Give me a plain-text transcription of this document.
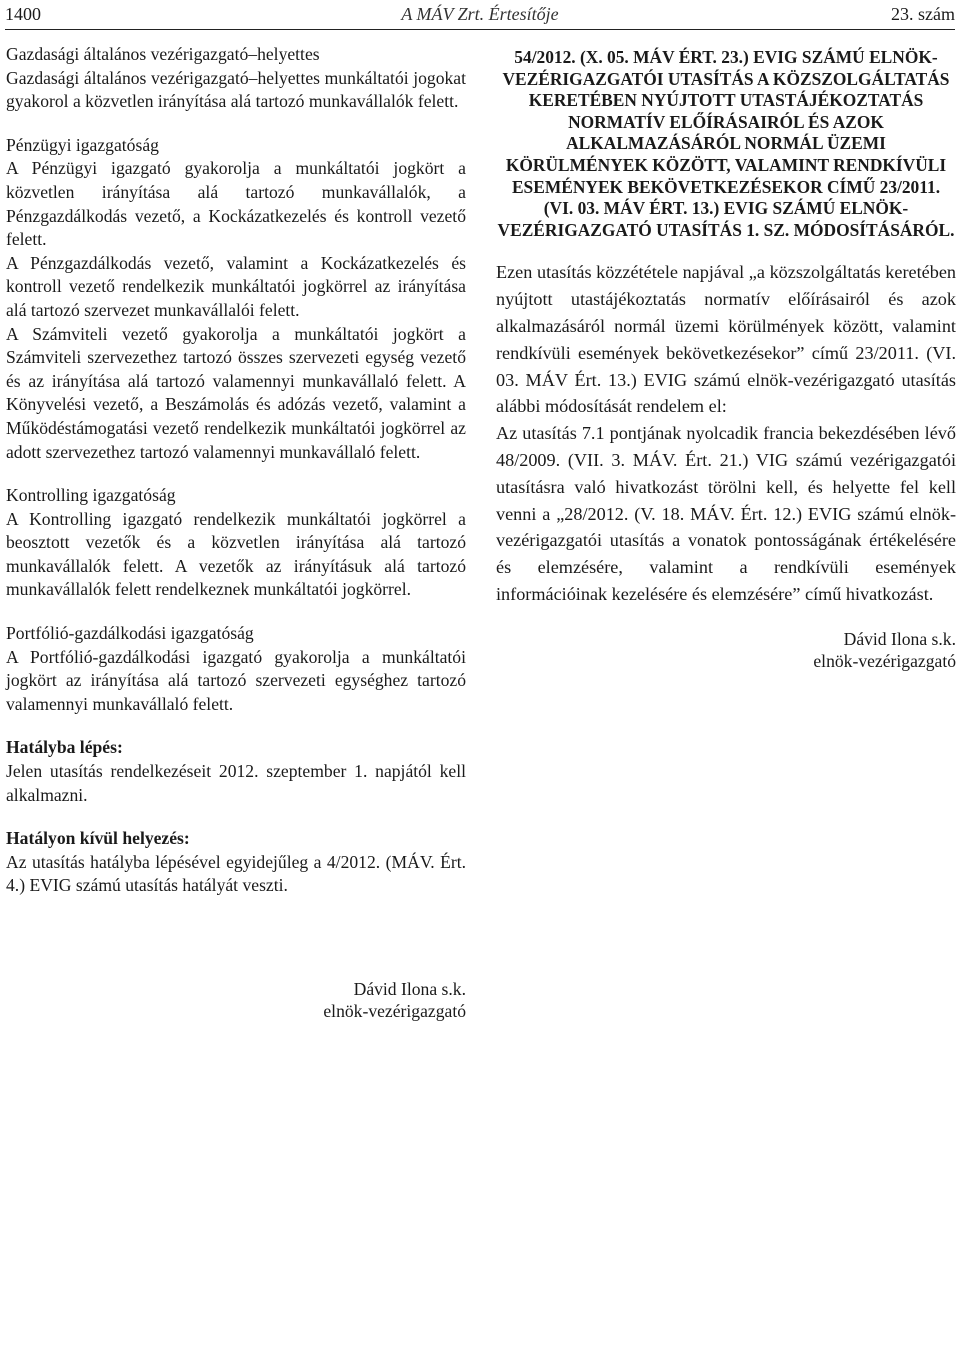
1400	A MÁV Zrt. Értesítője	23. szám

Gazdasági általános vezérigazgató–helyettes

Gazdasági általános vezérigazgató–helyettes munkáltatói jogokat gyakorol a közvetlen irányítása alá tartozó munkavállalók felett.

Pénzügyi igazgatóság

A Pénzügyi igazgató gyakorolja a munkáltatói jogkört a közvetlen irányítása alá tartozó munkavállalók, a Pénzgazdálkodás vezető, a Kockázatkezelés és kontroll vezető felett.

A Pénzgazdálkodás vezető, valamint a Kockázatkezelés és kontroll vezető rendelkezik munkáltatói jogkörrel az irányítása alá tartozó szervezet munkavállalói felett.

A Számviteli vezető gyakorolja a munkáltatói jogkört a Számviteli szervezethez tartozó összes szervezeti egység vezető és az irányítása alá tartozó valamennyi munkavállaló felett. A Könyvelési vezető, a Beszámolás és adózás vezető, valamint a Működéstámogatási vezető rendelkezik munkáltatói jogkörrel az adott szervezethez tartozó valamennyi munkavállaló felett.

Kontrolling igazgatóság

A Kontrolling igazgató rendelkezik munkáltatói jogkörrel a beosztott vezetők és a közvetlen irányítása alá tartozó munkavállalók felett. A vezetők az irányításuk alá tartozó munkavállalók felett rendelkeznek munkáltatói jogkörrel.

Portfólió-gazdálkodási igazgatóság

A Portfólió-gazdálkodási igazgató gyakorolja a munkáltatói jogkört az irányítása alá tartozó szervezeti egységhez tartozó valamennyi munkavállaló felett.

Hatályba lépés:

Jelen utasítás rendelkezéseit 2012. szeptember 1. napjától kell alkalmazni.

Hatályon kívül helyezés:

Az utasítás hatályba lépésével egyidejűleg a 4/2012. (MÁV. Ért. 4.) EVIG számú utasítás hatályát veszti.

Dávid Ilona s.k.
elnök-vezérigazgató
54/2012. (X. 05. MÁV ÉRT. 23.) EVIG SZÁMÚ ELNÖK-VEZÉRIGAZGATÓI UTASÍTÁS A KÖZSZOLGÁLTATÁS KERETÉBEN NYÚJTOTT UTASTÁJÉKOZTATÁS NORMATÍV ELŐÍRÁSAIRÓL ÉS AZOK ALKALMAZÁSÁRÓL NORMÁL ÜZEMI KÖRÜLMÉNYEK KÖZÖTT, VALAMINT RENDKÍVÜLI ESEMÉNYEK BEKÖVETKEZÉSEKOR CÍMŰ 23/2011. (VI. 03. MÁV ÉRT. 13.) EVIG SZÁMÚ ELNÖK-VEZÉRIGAZGATÓ UTASÍTÁS 1. SZ. MÓDOSÍTÁSÁRÓL.

Ezen utasítás közzététele napjával „a közszolgáltatás keretében nyújtott utastájékoztatás normatív előírásairól és azok alkalmazásáról normál üzemi körülmények között, valamint rendkívüli események bekövetkezésekor” című 23/2011. (VI. 03. MÁV Ért. 13.) EVIG számú elnök-vezérigazgató utasítás alábbi módosítását rendelem el:

Az utasítás 7.1 pontjának nyolcadik francia bekezdésében lévő 48/2009. (VII. 3. MÁV. Ért. 21.) VIG számú vezérigazgatói utasításra való hivatkozást törölni kell, és helyette fel kell venni a „28/2012. (V. 18. MÁV. Ért. 12.) EVIG számú elnök-vezérigazgatói utasítás a vonatok pontosságának értékelésére és elemzésére, valamint a rendkívüli események információinak kezelésére és elemzésére” című hivatkozást.

Dávid Ilona s.k.
elnök-vezérigazgató
